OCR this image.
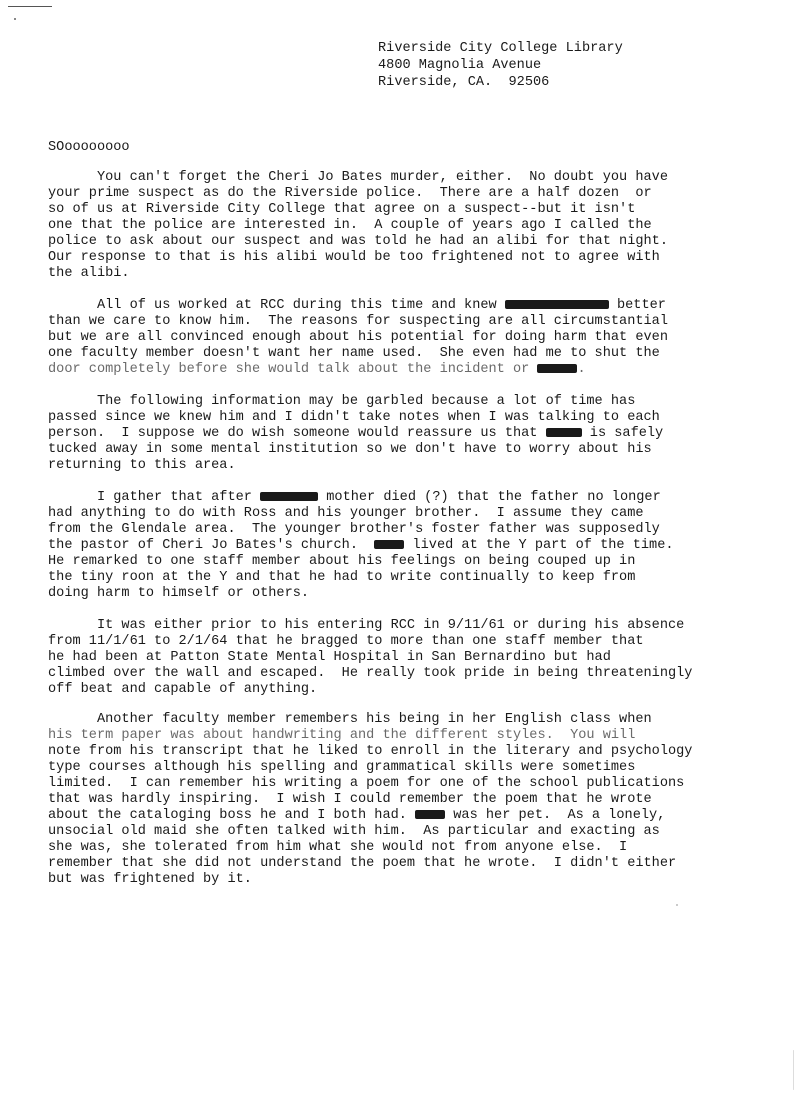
Riverside City College Library
4800 Magnolia Avenue
Riverside, CA.  92506
SOoooooooo
You can't forget the Cheri Jo Bates murder, either.  No doubt you have
your prime suspect as do the Riverside police.  There are a half dozen  or
so of us at Riverside City College that agree on a suspect--but it isn't
one that the police are interested in.  A couple of years ago I called the
police to ask about our suspect and was told he had an alibi for that night.
Our response to that is his alibi would be too frightened not to agree with
the alibi.
All of us worked at RCC during this time and knew	better
than we care to know him.  The reasons for suspecting are all circumstantial
but we are all convinced enough about his potential for doing harm that even
one faculty member doesn't want her name used.  She even had me to shut the
door completely before she would talk about the incident or	.
The following information may be garbled because a lot of time has
passed since we knew him and I didn't take notes when I was talking to each
person.  I suppose we do wish someone would reassure us that	is safely
tucked away in some mental institution so we don't have to worry about his
returning to this area.
I gather that after	mother died (?) that the father no longer
had anything to do with Ross and his younger brother.  I assume they came
from the Glendale area.  The younger brother's foster father was supposedly
the pastor of Cheri Jo Bates's church.   lived at the Y part of the time.
He remarked to one staff member about his feelings on being couped up in
the tiny roon at the Y and that he had to write continually to keep from
doing harm to himself or others.
It was either prior to his entering RCC in 9/11/61 or during his absence
from 11/1/61 to 2/1/64 that he bragged to more than one staff member that
he had been at Patton State Mental Hospital in San Bernardino but had
climbed over the wall and escaped.  He really took pride in being threateningly
off beat and capable of anything.
Another faculty member remembers his being in her English class when
his term paper was about handwriting and the different styles.  You will
note from his transcript that he liked to enroll in the literary and psychology
type courses although his spelling and grammatical skills were sometimes
limited.  I can remember his writing a poem for one of the school publications
that was hardly inspiring.  I wish I could remember the poem that he wrote
about the cataloging boss he and I both had.  was her pet.  As a lonely,
unsocial old maid she often talked with him.  As particular and exacting as
she was, she tolerated from him what she would not from anyone else.  I
remember that she did not understand the poem that he wrote.  I didn't either
but was frightened by it.
